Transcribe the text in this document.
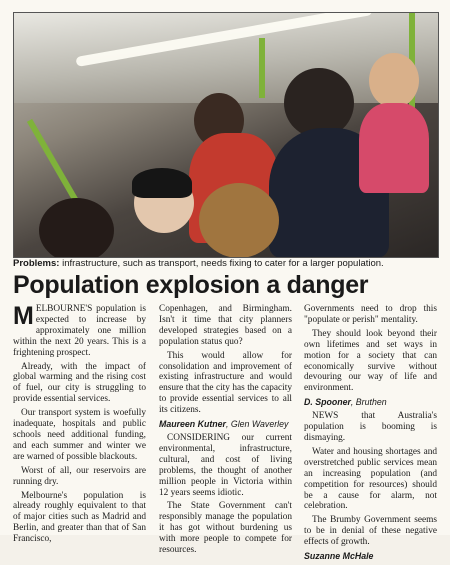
Problems: infrastructure, such as transport, needs fixing to cater for a larger population.
Population explosion a danger

MELBOURNE'S population is expected to increase by approximately one million within the next 20 years. This is a frightening prospect.

Already, with the impact of global warming and the rising cost of fuel, our city is struggling to provide essential services.

Our transport system is woefully inadequate, hospitals and public schools need additional funding, and each summer and winter we are warned of possible blackouts.

Worst of all, our reservoirs are running dry.

Melbourne's population is already roughly equivalent to that of major cities such as Madrid and Berlin, and greater than that of San Francisco,

Copenhagen, and Birmingham. Isn't it time that city planners developed strategies based on a population status quo?

This would allow for consolidation and improvement of existing infrastructure and would ensure that the city has the capacity to provide essential services to all its citizens.

Maureen Kutner, Glen Waverley

CONSIDERING our current environmental, infrastructure, cultural, and cost of living problems, the thought of another million people in Victoria within 12 years seems idiotic.

The State Government can't responsibly manage the population it has got without burdening us with more people to compete for resources.

Governments need to drop this "populate or perish" mentality.

They should look beyond their own lifetimes and set ways in motion for a society that can economically survive without devouring our way of life and environment.

D. Spooner, Bruthen

NEWS that Australia's population is booming is dismaying.

Water and housing shortages and overstretched public services mean an increasing population (and competition for resources) should be a cause for alarm, not celebration.

The Brumby Government seems to be in denial of these negative effects of growth.

Suzanne McHale
